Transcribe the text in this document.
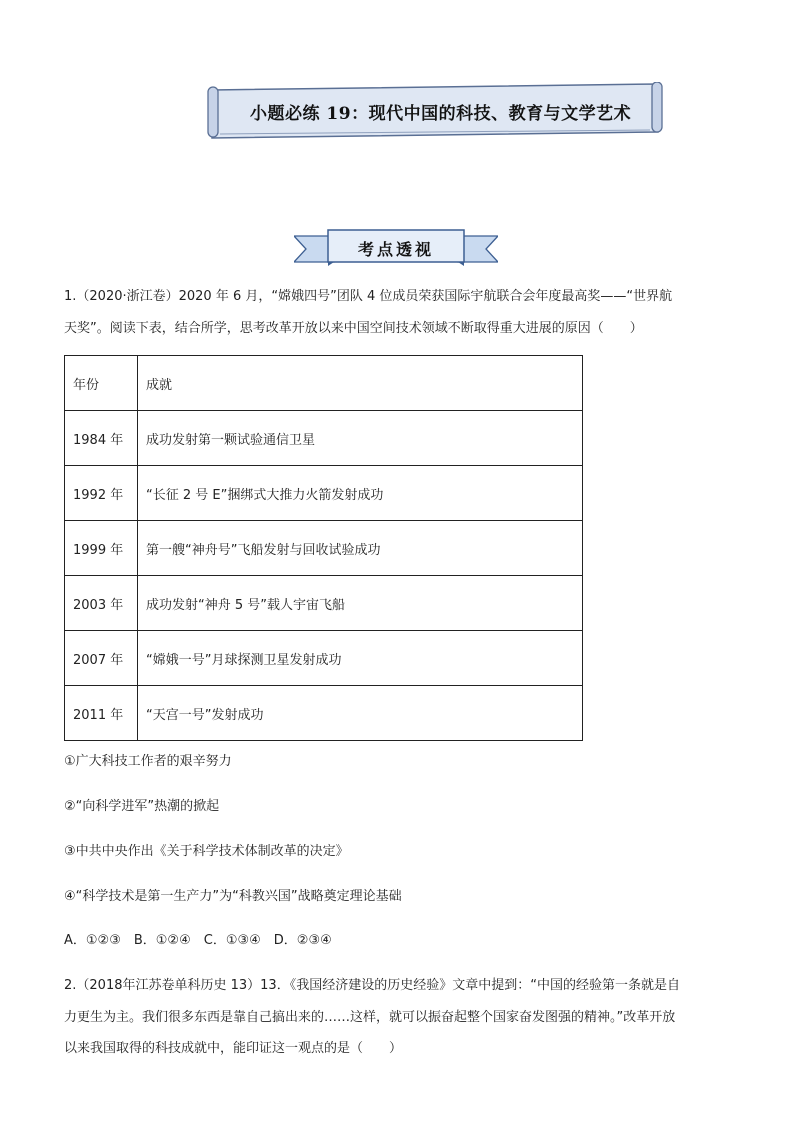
小题必练 19：现代中国的科技、教育与文学艺术
考点透视
1.（2020·浙江卷）2020 年 6 月，“嫦娥四号”团队 4 位成员荣获国际宇航联合会年度最高奖——“世界航
天奖”。阅读下表，结合所学，思考改革开放以来中国空间技术领域不断取得重大进展的原因（　　）
年份	成就
1984 年	成功发射第一颗试验通信卫星
1992 年	“长征 2 号 E”捆绑式大推力火箭发射成功
1999 年	第一艘“神舟号”飞船发射与回收试验成功
2003 年	成功发射“神舟 5 号”载人宇宙飞船
2007 年	“嫦娥一号”月球探测卫星发射成功
2011 年	“天宫一号”发射成功
①广大科技工作者的艰辛努力
②“向科学进军”热潮的掀起
③中共中央作出《关于科学技术体制改革的决定》
④“科学技术是第一生产力”为“科教兴国”战略奠定理论基础
A．①②③　B．①②④　C．①③④　D．②③④
2.（2018年江苏卷单科历史 13）13．《我国经济建设的历史经验》文章中提到：“中国的经验第一条就是自
力更生为主。我们很多东西是靠自己搞出来的……这样，就可以振奋起整个国家奋发图强的精神。”改革开放
以来我国取得的科技成就中，能印证这一观点的是（　　）
